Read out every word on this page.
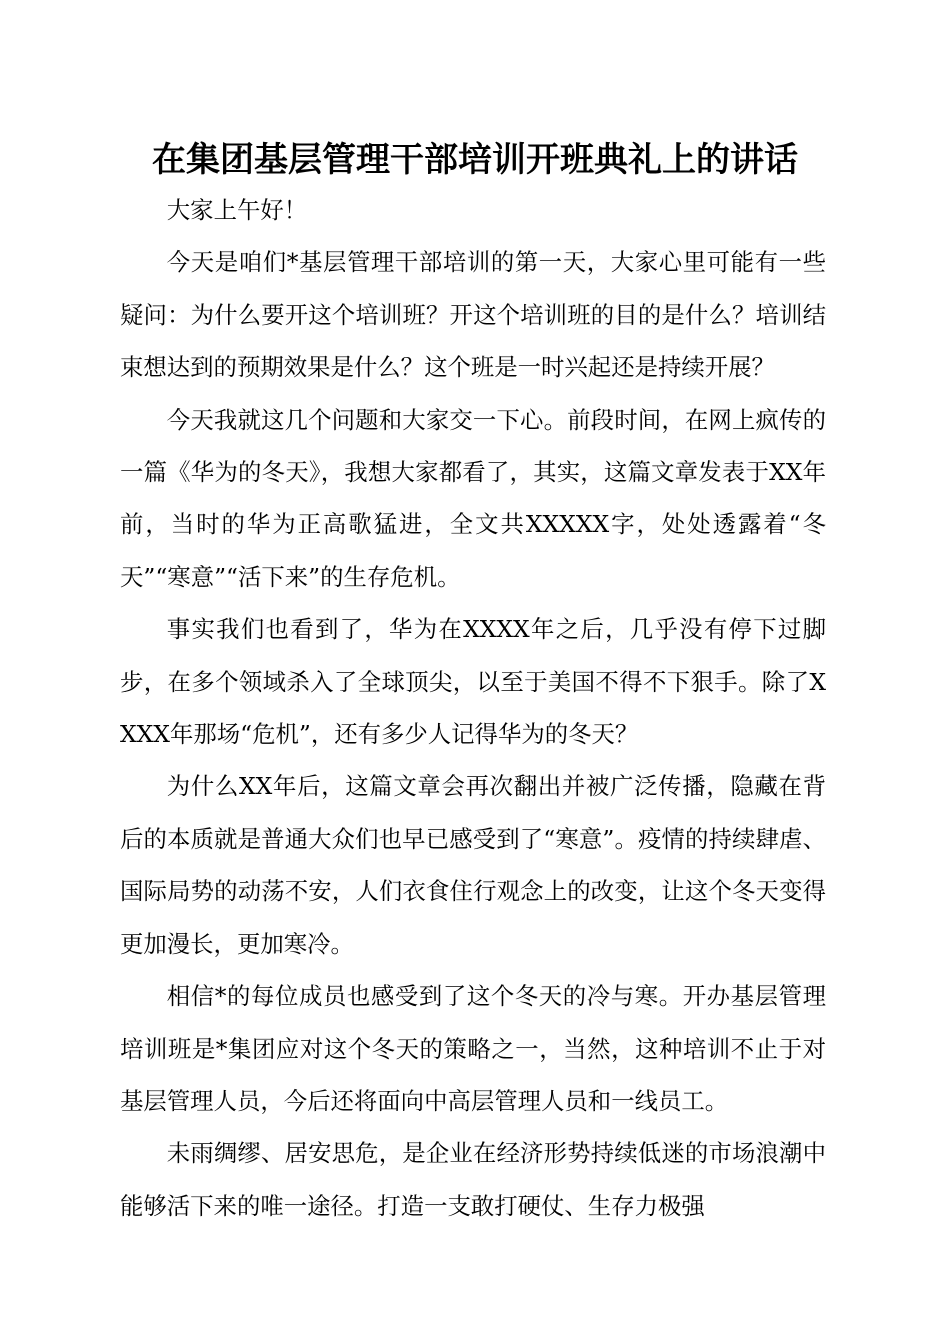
在集团基层管理干部培训开班典礼上的讲话

大家上午好！

今天是咱们*基层管理干部培训的第一天，大家心里可能有一些疑问：为什么要开这个培训班？开这个培训班的目的是什么？培训结束想达到的预期效果是什么？这个班是一时兴起还是持续开展？

今天我就这几个问题和大家交一下心。前段时间，在网上疯传的一篇《华为的冬天》，我想大家都看了，其实，这篇文章发表于XX年前，当时的华为正高歌猛进，全文共XXXXX字，处处透露着“冬天”“寒意”“活下来”的生存危机。

事实我们也看到了，华为在XXXX年之后，几乎没有停下过脚步，在多个领域杀入了全球顶尖，以至于美国不得不下狠手。除了XXXX年那场“危机”，还有多少人记得华为的冬天？

为什么XX年后，这篇文章会再次翻出并被广泛传播，隐藏在背后的本质就是普通大众们也早已感受到了“寒意”。疫情的持续肆虐、国际局势的动荡不安，人们衣食住行观念上的改变，让这个冬天变得更加漫长，更加寒冷。

相信*的每位成员也感受到了这个冬天的冷与寒。开办基层管理培训班是*集团应对这个冬天的策略之一，当然，这种培训不止于对基层管理人员，今后还将面向中高层管理人员和一线员工。

未雨绸缪、居安思危，是企业在经济形势持续低迷的市场浪潮中能够活下来的唯一途径。打造一支敢打硬仗、生存力极强
